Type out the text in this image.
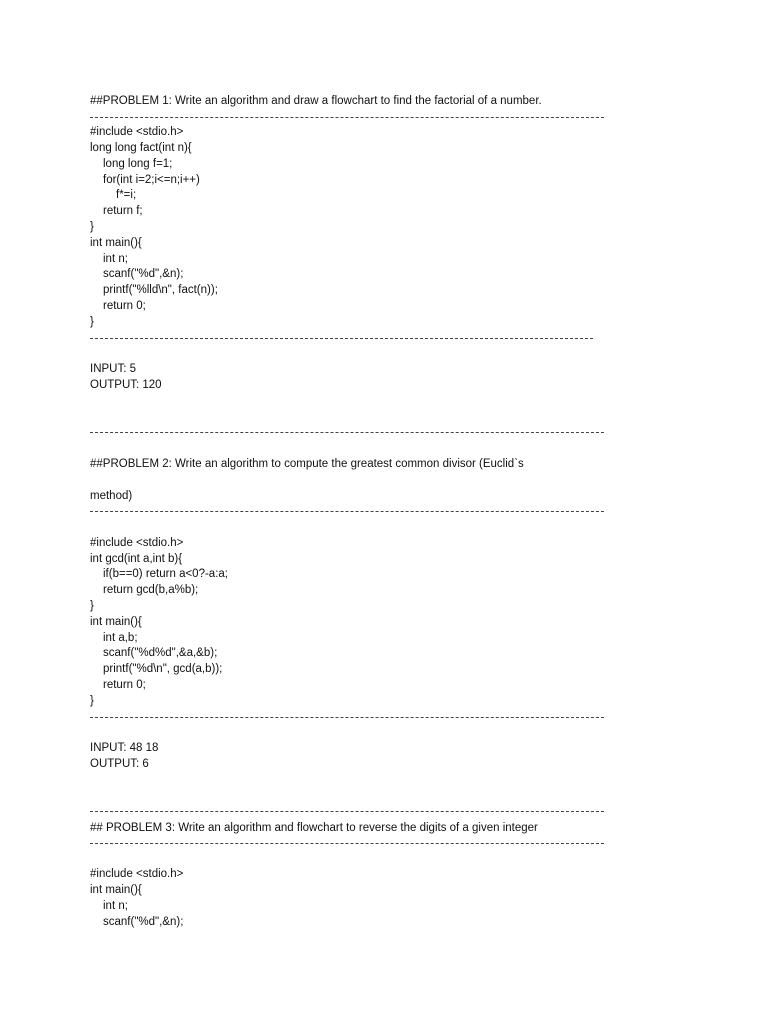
##PROBLEM 1: Write an algorithm and draw a flowchart to find the factorial of a number.
#include <stdio.h>
long long fact(int n){
long long f=1;
for(int i=2;i<=n;i++)
f*=i;
return f;
}
int main(){
int n;
scanf("%d",&n);
printf("%lld\n", fact(n));
return 0;
}
INPUT: 5
OUTPUT: 120
##PROBLEM 2: Write an algorithm to compute the greatest common divisor (Euclid`s
method)
#include <stdio.h>
int gcd(int a,int b){
if(b==0) return a<0?-a:a;
return gcd(b,a%b);
}
int main(){
int a,b;
scanf("%d%d",&a,&b);
printf("%d\n", gcd(a,b));
return 0;
}
INPUT: 48 18
OUTPUT: 6
## PROBLEM 3: Write an algorithm and flowchart to reverse the digits of a given integer
#include <stdio.h>
int main(){
int n;
scanf("%d",&n);
